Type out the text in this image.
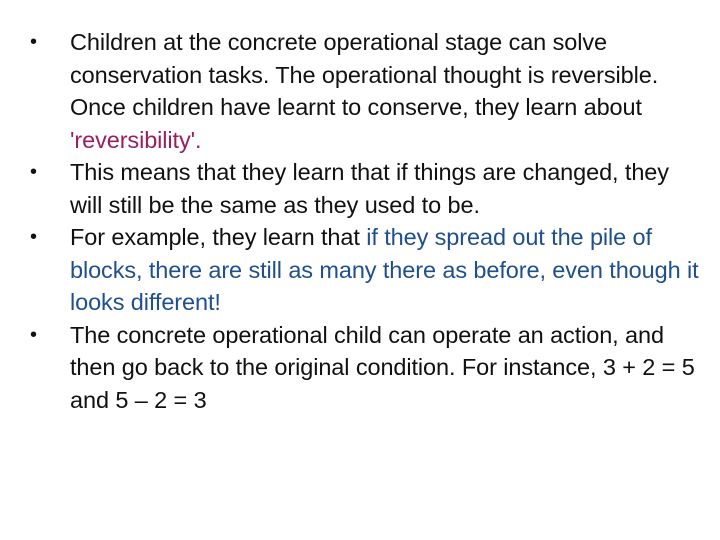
•	Children at the concrete operational stage can solve conservation tasks. The operational thought is reversible. Once children have learnt to conserve, they learn about 'reversibility'.
•	This means that they learn that if things are changed, they will still be the same as they used to be.
•	For example, they learn that if they spread out the pile of blocks, there are still as many there as before, even though it looks different!
•	The concrete operational child can operate an action, and then go back to the original condition. For instance, 3 + 2 = 5 and 5 – 2 = 3
